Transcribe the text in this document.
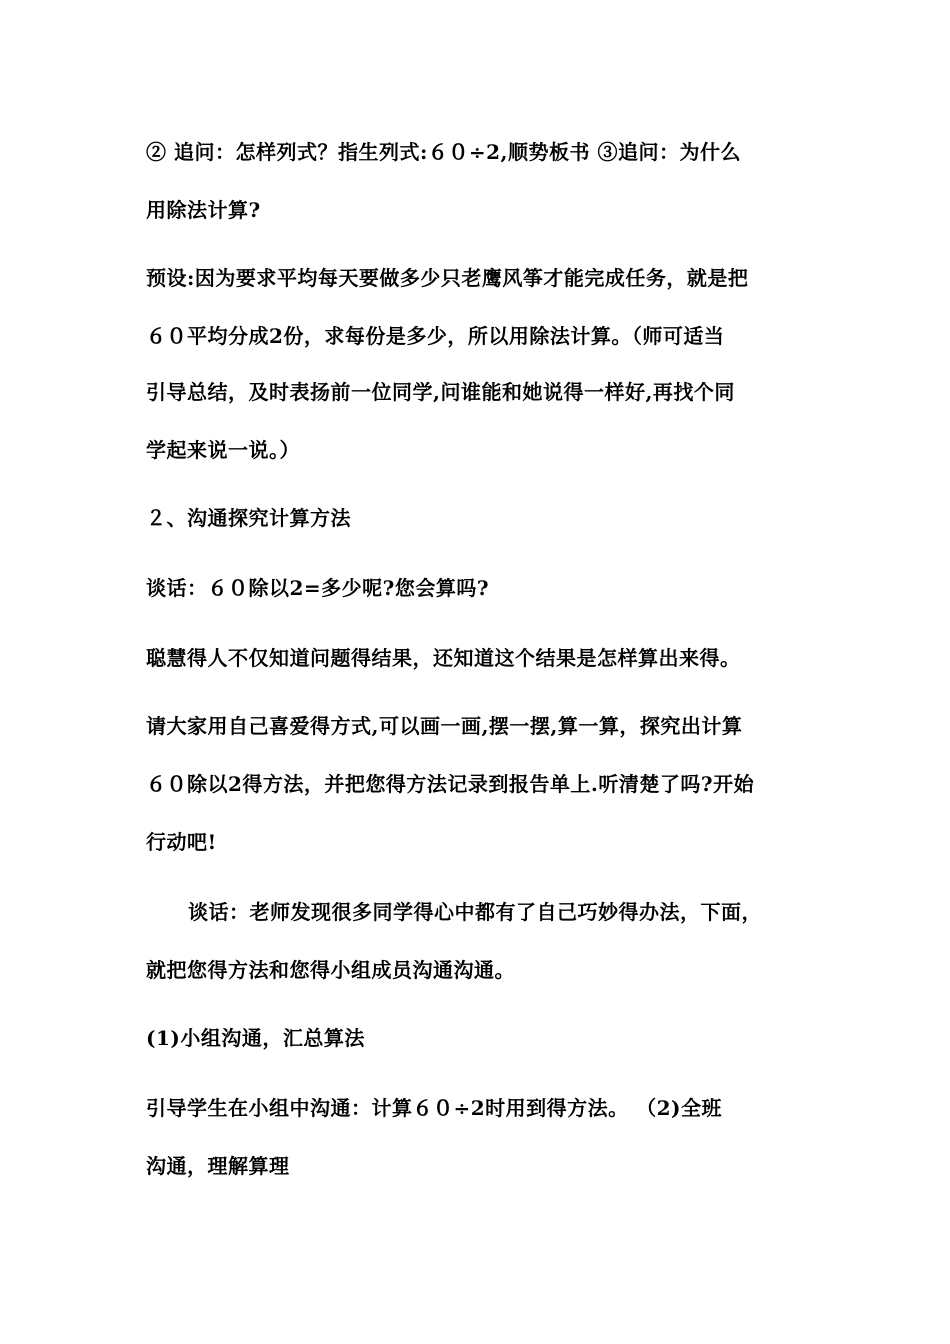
② 追问：怎样列式？指生列式:６０÷2,顺势板书 ③追问：为什么
用除法计算?
预设:因为要求平均每天要做多少只老鹰风筝才能完成任务，就是把
６０平均分成2份，求每份是多少，所以用除法计算。（师可适当
引导总结，及时表扬前一位同学,问谁能和她说得一样好,再找个同
学起来说一说。）
２、沟通探究计算方法
谈话：６０除以2=多少呢?您会算吗?
聪慧得人不仅知道问题得结果，还知道这个结果是怎样算出来得。
请大家用自己喜爱得方式,可以画一画,摆一摆,算一算，探究出计算
６０除以2得方法，并把您得方法记录到报告单上.听清楚了吗?开始
行动吧!
谈话：老师发现很多同学得心中都有了自己巧妙得办法，下面，
就把您得方法和您得小组成员沟通沟通。
(1)小组沟通，汇总算法
引导学生在小组中沟通：计算６０÷2时用到得方法。 （2)全班
沟通，理解算理
